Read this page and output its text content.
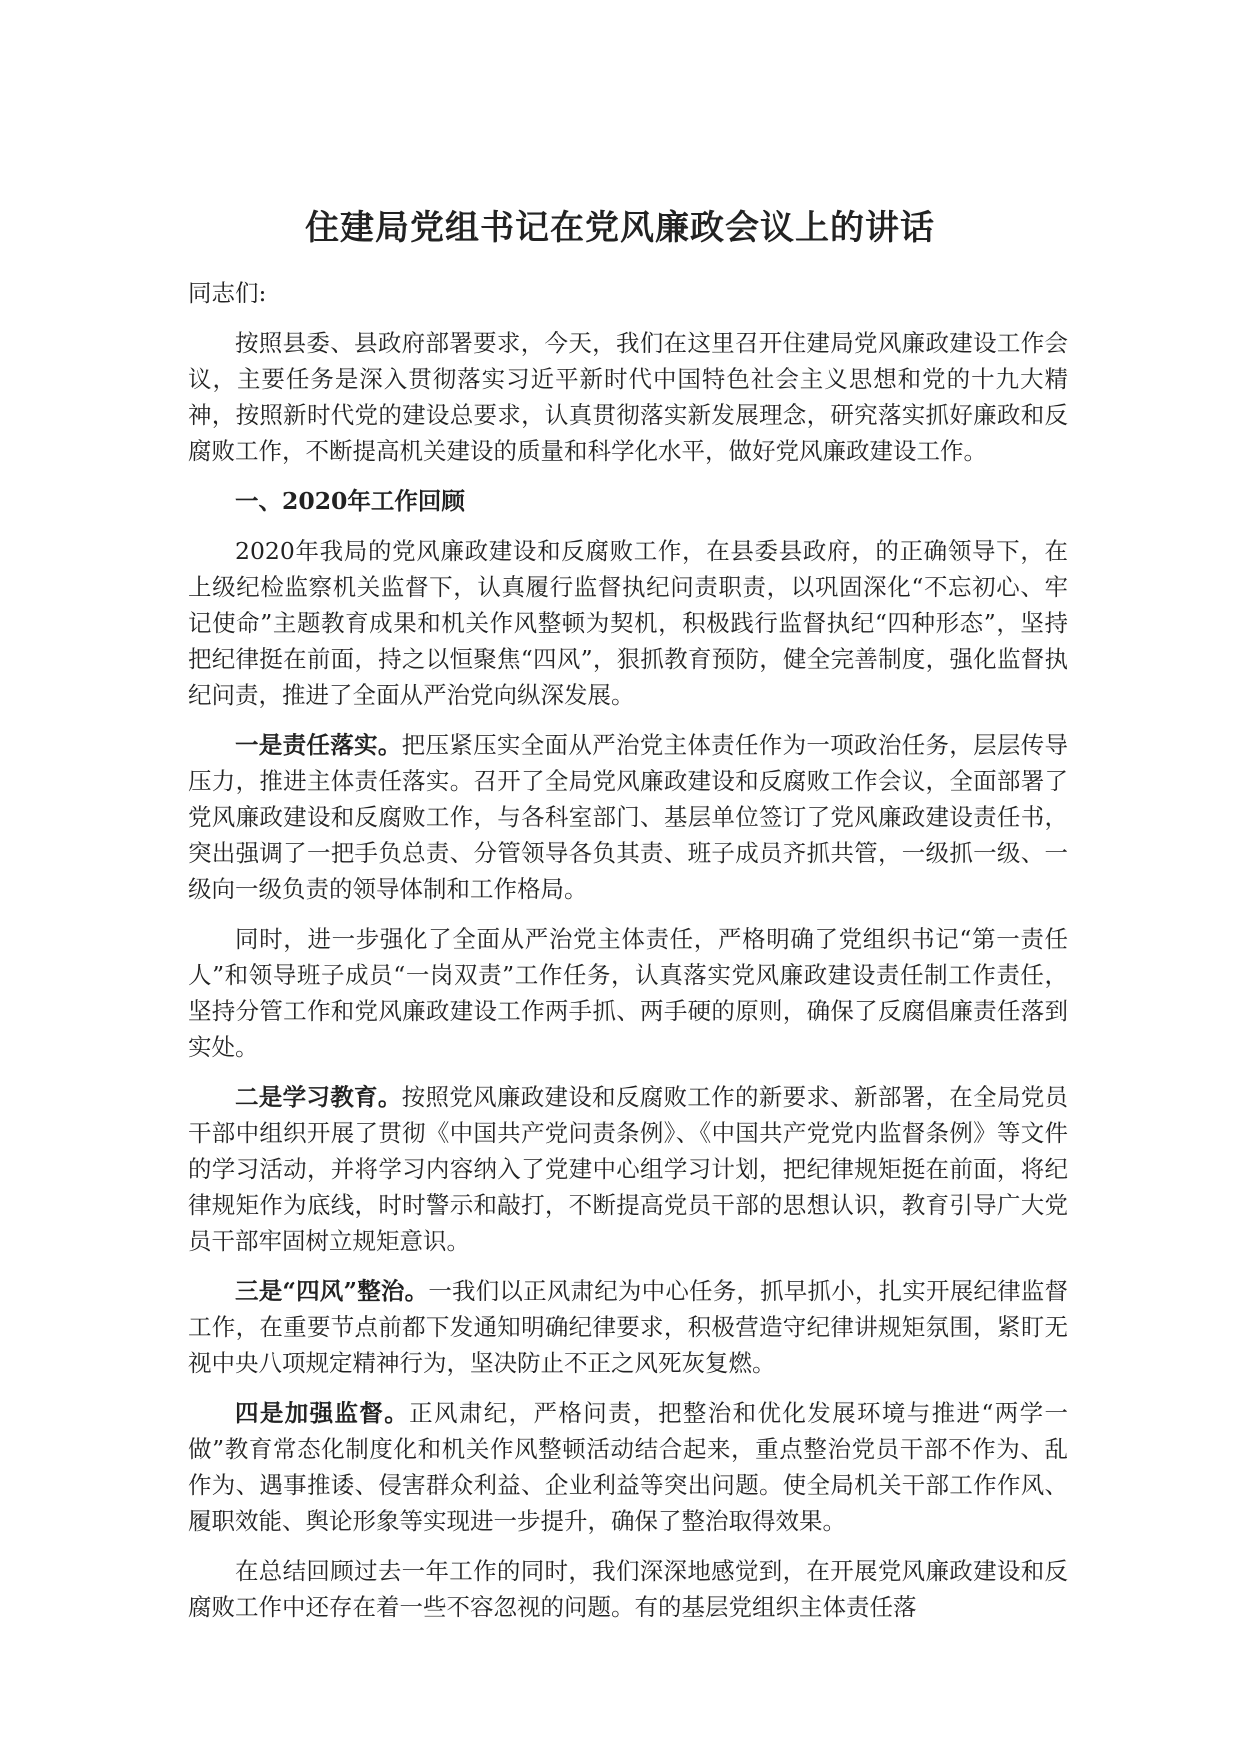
住建局党组书记在党风廉政会议上的讲话

同志们:

按照县委、县政府部署要求，今天，我们在这里召开住建局党风廉政建设工作会议，主要任务是深入贯彻落实习近平新时代中国特色社会主义思想和党的十九大精神，按照新时代党的建设总要求，认真贯彻落实新发展理念，研究落实抓好廉政和反腐败工作，不断提高机关建设的质量和科学化水平，做好党风廉政建设工作。

一、2020年工作回顾

2020年我局的党风廉政建设和反腐败工作，在县委县政府，的正确领导下，在上级纪检监察机关监督下，认真履行监督执纪问责职责，以巩固深化“不忘初心、牢记使命”主题教育成果和机关作风整顿为契机，积极践行监督执纪“四种形态”，坚持把纪律挺在前面，持之以恒聚焦“四风”，狠抓教育预防，健全完善制度，强化监督执纪问责，推进了全面从严治党向纵深发展。

一是责任落实。把压紧压实全面从严治党主体责任作为一项政治任务，层层传导压力，推进主体责任落实。召开了全局党风廉政建设和反腐败工作会议，全面部署了党风廉政建设和反腐败工作，与各科室部门、基层单位签订了党风廉政建设责任书，突出强调了一把手负总责、分管领导各负其责、班子成员齐抓共管，一级抓一级、一级向一级负责的领导体制和工作格局。

同时，进一步强化了全面从严治党主体责任，严格明确了党组织书记“第一责任人”和领导班子成员“一岗双责”工作任务，认真落实党风廉政建设责任制工作责任，坚持分管工作和党风廉政建设工作两手抓、两手硬的原则，确保了反腐倡廉责任落到实处。

二是学习教育。按照党风廉政建设和反腐败工作的新要求、新部署，在全局党员干部中组织开展了贯彻《中国共产党问责条例》、《中国共产党党内监督条例》等文件的学习活动，并将学习内容纳入了党建中心组学习计划，把纪律规矩挺在前面，将纪律规矩作为底线，时时警示和敲打，不断提高党员干部的思想认识，教育引导广大党员干部牢固树立规矩意识。

三是“四风”整治。一我们以正风肃纪为中心任务，抓早抓小，扎实开展纪律监督工作，在重要节点前都下发通知明确纪律要求，积极营造守纪律讲规矩氛围，紧盯无视中央八项规定精神行为，坚决防止不正之风死灰复燃。

四是加强监督。正风肃纪，严格问责，把整治和优化发展环境与推进“两学一做”教育常态化制度化和机关作风整顿活动结合起来，重点整治党员干部不作为、乱作为、遇事推诿、侵害群众利益、企业利益等突出问题。使全局机关干部工作作风、履职效能、舆论形象等实现进一步提升，确保了整治取得效果。

在总结回顾过去一年工作的同时，我们深深地感觉到，在开展党风廉政建设和反腐败工作中还存在着一些不容忽视的问题。有的基层党组织主体责任落
